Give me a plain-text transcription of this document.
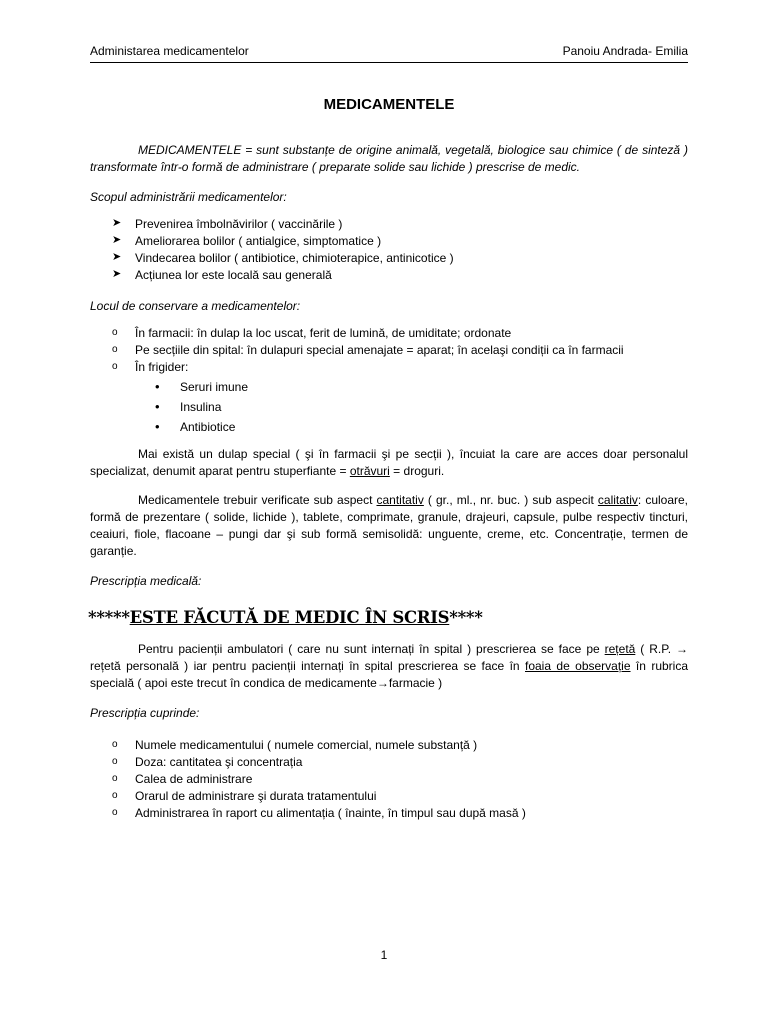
Administarea medicamentelor	Panoiu Andrada- Emilia
MEDICAMENTELE

MEDICAMENTELE = sunt substanțe de origine animală, vegetală, biologice sau chimice ( de sinteză ) transformate într-o formă de administrare ( preparate solide sau lichide ) prescrise de medic.

Scopul administrării medicamentelor:
➤	Prevenirea îmbolnăvirilor ( vaccinările )
➤	Ameliorarea bolilor ( antialgice, simptomatice )
➤	Vindecarea bolilor ( antibiotice, chimioterapice, antinicotice )
➤	Acțiunea lor este locală sau generală
Locul de conservare a medicamentelor:
o	În farmacii: în dulap la loc uscat, ferit de lumină, de umiditate; ordonate
o	Pe secțiile din spital: în dulapuri special amenajate = aparat; în acelaşi condiții ca în farmacii
o	În frigider:
•	Seruri imune
•	Insulina
•	Antibiotice

Mai există un dulap special ( şi în farmacii şi pe secții ), încuiat la care are acces doar personalul specializat, denumit aparat pentru stuperfiante = otrăvuri = droguri.

Medicamentele trebuir verificate sub aspect cantitativ ( gr., ml., nr. buc. ) sub aspecit calitativ: culoare, formă de prezentare ( solide, lichide ), tablete, comprimate, granule, drajeuri, capsule, pulbe respectiv tincturi, ceaiuri, fiole, flacoane – pungi dar şi sub formă semisolidă: unguente, creme, etc. Concentrație, termen de garanție.

Prescripția medicală:
*****ESTE FĂCUTĂ DE MEDIC ÎN SCRIS****

Pentru pacienții ambulatori ( care nu sunt internați în spital ) prescrierea se face pe rețetă ( R.P. → rețetă personală ) iar pentru pacienții internați în spital prescrierea se face în foaia de observație în rubrica specială ( apoi este trecut în condica de medicamente→farmacie )

Prescripția cuprinde:
o	Numele medicamentului ( numele comercial, numele substanță )
o	Doza: cantitatea şi concentrația
o	Calea de administrare
o	Orarul de administrare şi durata tratamentului
o	Administrarea în raport cu alimentația ( înainte, în timpul sau după masă )
1
